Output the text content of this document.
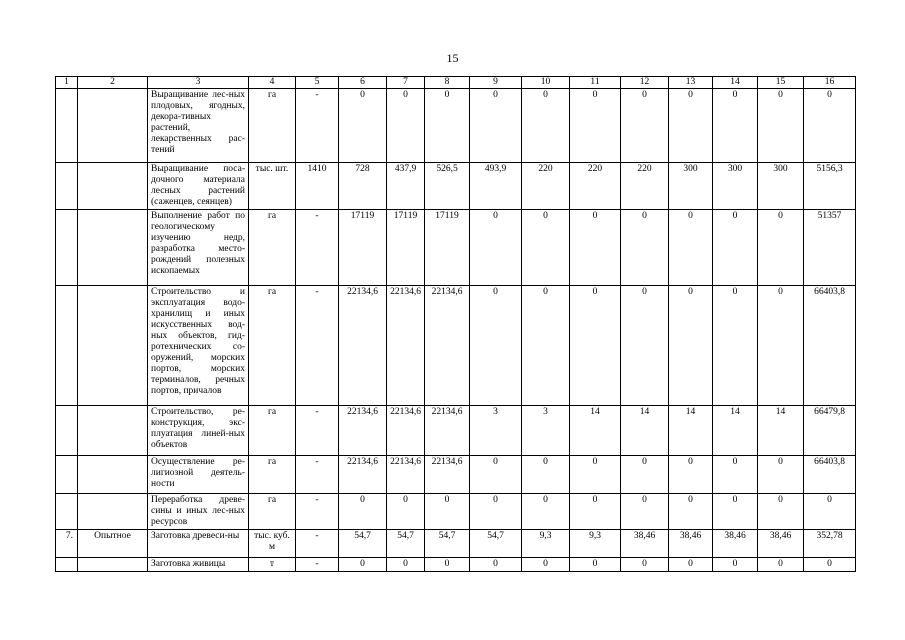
15
1	2	3	4	5	6	7	8	9	10	11	12	13	14	15	16
		Выращивание лес-ных плодовых, ягодных, декора-тивных растений, лекарственных рас-тений	га	-	0	0	0	0	0	0	0	0	0	0	0
		Выращивание поса-дочного материала лесных растений (саженцев, сеянцев)	тыс. шт.	1410	728	437,9	526,5	493,9	220	220	220	300	300	300	5156,3
		Выполнение работ по геологическому изучению недр, разработка место-рождений полезных ископаемых	га	-	17119	17119	17119	0	0	0	0	0	0	0	51357
		Строительство и эксплуатация водо-хранилищ и иных искусственных вод-ных объектов, гид-ротехнических со-оружений, морских портов, морских терминалов, речных портов, причалов	га	-	22134,6	22134,6	22134,6	0	0	0	0	0	0	0	66403,8
		Строительство, ре-конструкция, экс-плуатация линей-ных объектов	га	-	22134,6	22134,6	22134,6	3	3	14	14	14	14	14	66479,8
		Осуществление ре-лигиозной деятель-ности	га	-	22134,6	22134,6	22134,6	0	0	0	0	0	0	0	66403,8
		Переработка древе-сины и иных лес-ных ресурсов	га	-	0	0	0	0	0	0	0	0	0	0	0
7.	Опытное	Заготовка древеси-ны	тыс. куб. м	-	54,7	54,7	54,7	54,7	9,3	9,3	38,46	38,46	38,46	38,46	352,78
		Заготовка живицы	т	-	0	0	0	0	0	0	0	0	0	0	0
